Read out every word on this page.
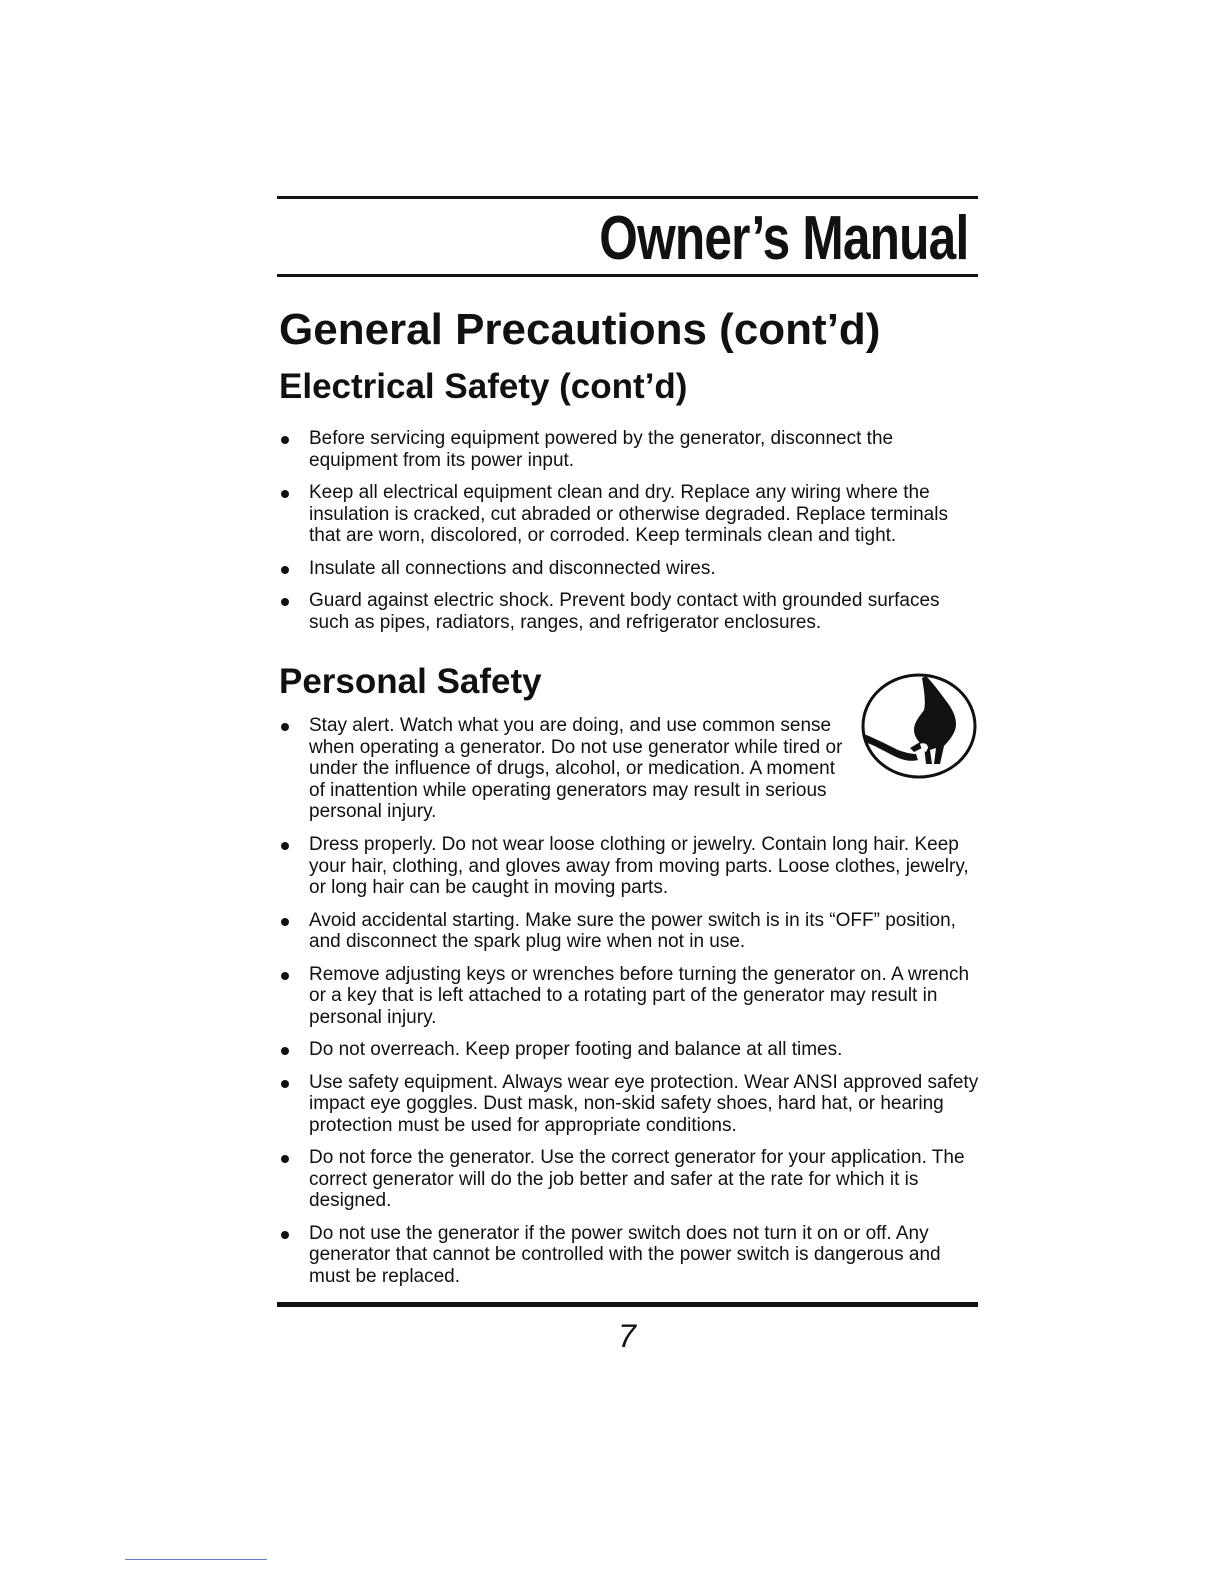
Owner’s Manual
General Precautions (cont’d)
Electrical Safety (cont’d)
Before servicing equipment powered by the generator, disconnect the equipment from its power input.
Keep all electrical equipment clean and dry. Replace any wiring where the insulation is cracked, cut abraded or otherwise degraded. Replace terminals that are worn, discolored, or corroded. Keep terminals clean and tight.
Insulate all connections and disconnected wires.
Guard against electric shock. Prevent body contact with grounded surfaces such as pipes, radiators, ranges, and refrigerator enclosures.
Personal Safety
Stay alert. Watch what you are doing, and use common sense when operating a generator. Do not use generator while tired or under the influence of drugs, alcohol, or medication. A moment of inattention while operating generators may result in serious personal injury.
Dress properly. Do not wear loose clothing or jewelry. Contain long hair. Keep your hair, clothing, and gloves away from moving parts. Loose clothes, jewelry, or long hair can be caught in moving parts.
Avoid accidental starting. Make sure the power switch is in its “OFF” position, and disconnect the spark plug wire when not in use.
Remove adjusting keys or wrenches before turning the generator on. A wrench or a key that is left attached to a rotating part of the generator may result in personal injury.
Do not overreach. Keep proper footing and balance at all times.
Use safety equipment. Always wear eye protection. Wear ANSI approved safety impact eye goggles. Dust mask, non-skid safety shoes, hard hat, or hearing protection must be used for appropriate conditions.
Do not force the generator. Use the correct generator for your application. The correct generator will do the job better and safer at the rate for which it is designed.
Do not use the generator if the power switch does not turn it on or off. Any generator that cannot be controlled with the power switch is dangerous and must be replaced.
7
